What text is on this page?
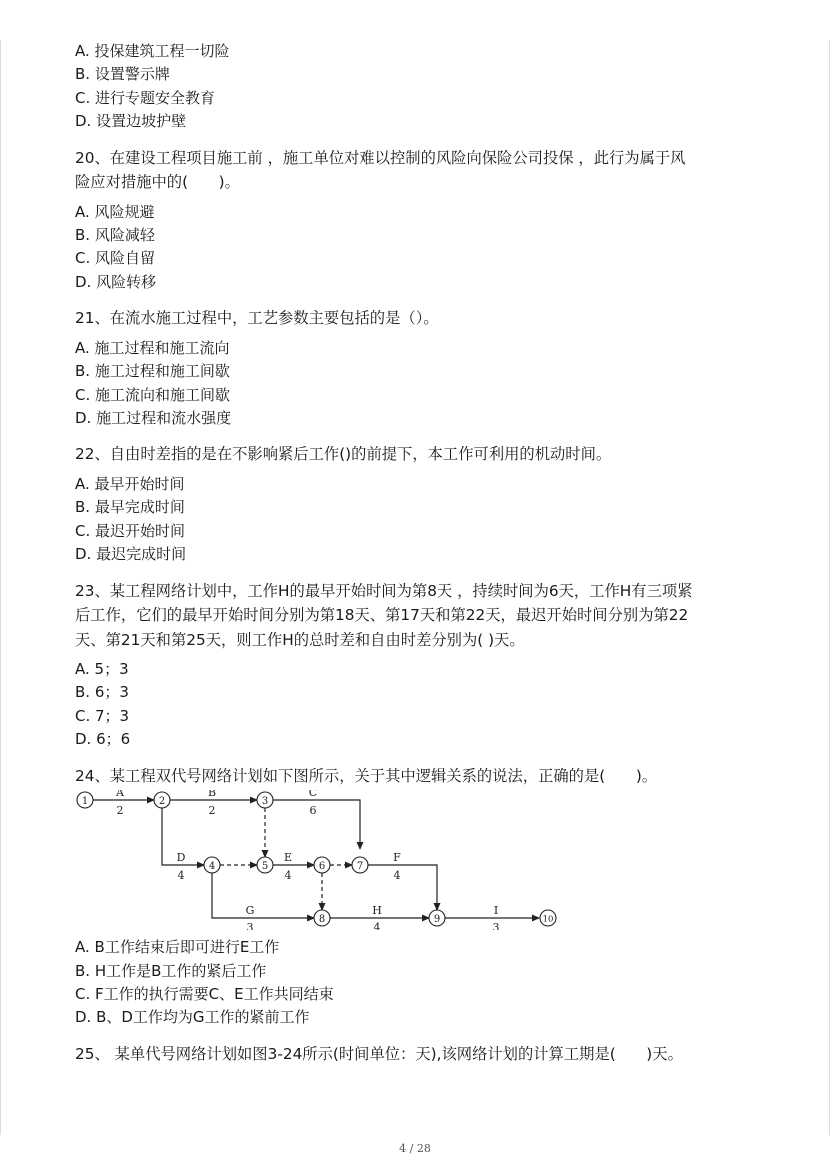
A. 投保建筑工程一切险
B. 设置警示牌
C. 进行专题安全教育
D. 设置边坡护壁
20、在建设工程项目施工前 ，施工单位对难以控制的风险向保险公司投保 ，此行为属于风
险应对措施中的(　　)。
A. 风险规避
B. 风险减轻
C. 风险自留
D. 风险转移
21、在流水施工过程中，工艺参数主要包括的是（）。
A. 施工过程和施工流向
B. 施工过程和施工间歇
C. 施工流向和施工间歇
D. 施工过程和流水强度
22、自由时差指的是在不影响紧后工作()的前提下，本工作可利用的机动时间。
A. 最早开始时间
B. 最早完成时间
C. 最迟开始时间
D. 最迟完成时间
23、某工程网络计划中，工作H的最早开始时间为第8天 ，持续时间为6天，工作H有三项紧
后工作，它们的最早开始时间分别为第18天、第17天和第22天，最迟开始时间分别为第22
天、第21天和第25天，则工作H的总时差和自由时差分别为( )天。
A. 5；3
B. 6；3
C. 7；3
D. 6；6
24、某工程双代号网络计划如下图所示，关于其中逻辑关系的说法，正确的是(　　)。
A
2
B
2
C
6
D
4
E
4
F
4
G
3
H
4
I
3
1	2	3
4	5	6	7
8	9	10
A. B工作结束后即可进行E工作
B. H工作是B工作的紧后工作
C. F工作的执行需要C、E工作共同结束
D. B、D工作均为G工作的紧前工作
25、 某单代号网络计划如图3-24所示(时间单位：天),该网络计划的计算工期是(　　)天。
4 / 28
